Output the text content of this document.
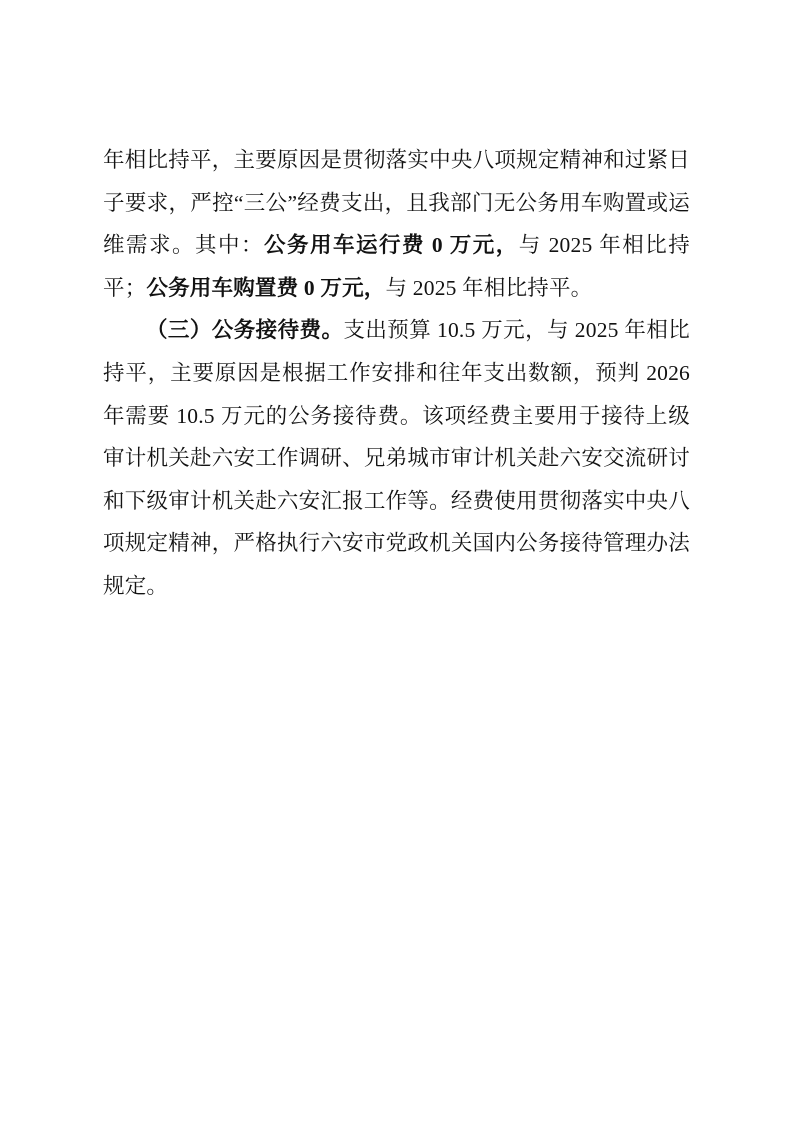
年相比持平，主要原因是贯彻落实中央八项规定精神和过紧日子要求，严控“三公”经费支出，且我部门无公务用车购置或运维需求。其中：公务用车运行费 0 万元，与 2025 年相比持平；公务用车购置费 0 万元，与 2025 年相比持平。

（三）公务接待费。支出预算 10.5 万元，与 2025 年相比持平，主要原因是根据工作安排和往年支出数额，预判 2026 年需要 10.5 万元的公务接待费。该项经费主要用于接待上级审计机关赴六安工作调研、兄弟城市审计机关赴六安交流研讨和下级审计机关赴六安汇报工作等。经费使用贯彻落实中央八项规定精神，严格执行六安市党政机关国内公务接待管理办法规定。
